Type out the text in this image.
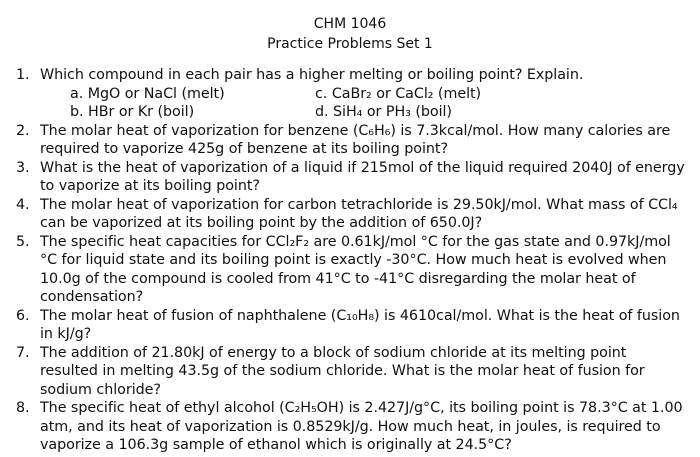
CHM 1046
Practice Problems Set 1
1. Which compound in each pair has a higher melting or boiling point? Explain.
a. MgO or NaCl (melt)	c. CaBr₂ or CaCl₂ (melt)
b. HBr or Kr (boil)	d. SiH₄ or PH₃ (boil)
2. The molar heat of vaporization for benzene (C₆H₆) is 7.3kcal/mol. How many calories are required to vaporize 425g of benzene at its boiling point?
3. What is the heat of vaporization of a liquid if 215mol of the liquid required 2040J of energy to vaporize at its boiling point?
4. The molar heat of vaporization for carbon tetrachloride is 29.50kJ/mol. What mass of CCl₄ can be vaporized at its boiling point by the addition of 650.0J?
5. The specific heat capacities for CCl₂F₂ are 0.61kJ/mol °C for the gas state and 0.97kJ/mol °C for liquid state and its boiling point is exactly -30°C. How much heat is evolved when 10.0g of the compound is cooled from 41°C to -41°C disregarding the molar heat of condensation?
6. The molar heat of fusion of naphthalene (C₁₀H₈) is 4610cal/mol. What is the heat of fusion in kJ/g?
7. The addition of 21.80kJ of energy to a block of sodium chloride at its melting point resulted in melting 43.5g of the sodium chloride. What is the molar heat of fusion for sodium chloride?
8. The specific heat of ethyl alcohol (C₂H₅OH) is 2.427J/g°C, its boiling point is 78.3°C at 1.00 atm, and its heat of vaporization is 0.8529kJ/g. How much heat, in joules, is required to vaporize a 106.3g sample of ethanol which is originally at 24.5°C?
